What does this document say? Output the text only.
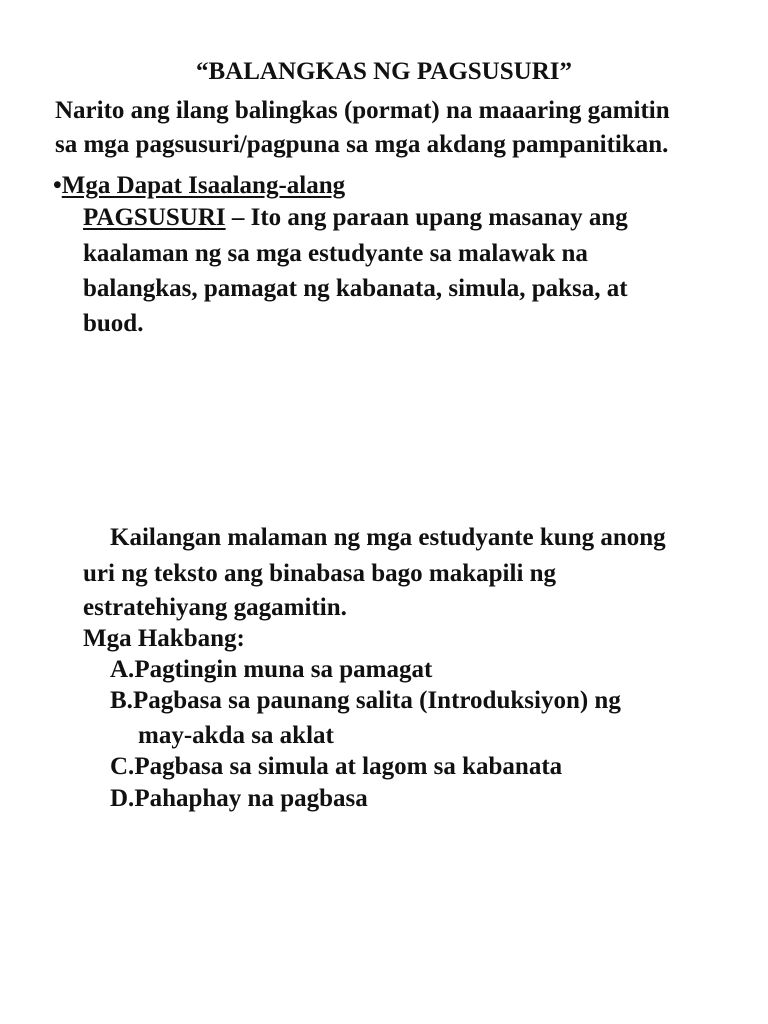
“BALANGKAS NG PAGSUSURI”
Narito ang ilang balingkas (pormat) na maaaring gamitin
sa mga pagsusuri/pagpuna sa mga akdang pampanitikan.
•Mga Dapat Isaalang-alang
PAGSUSURI – Ito ang paraan upang masanay ang
kaalaman ng sa mga estudyante sa malawak na
balangkas, pamagat ng kabanata, simula, paksa, at
buod.
Kailangan malaman ng mga estudyante kung anong
uri ng teksto ang binabasa bago makapili ng
estratehiyang gagamitin.
Mga Hakbang:
A.Pagtingin muna sa pamagat
B.Pagbasa sa paunang salita (Introduksiyon) ng
may-akda sa aklat
C.Pagbasa sa simula at lagom sa kabanata
D.Pahaphay na pagbasa
